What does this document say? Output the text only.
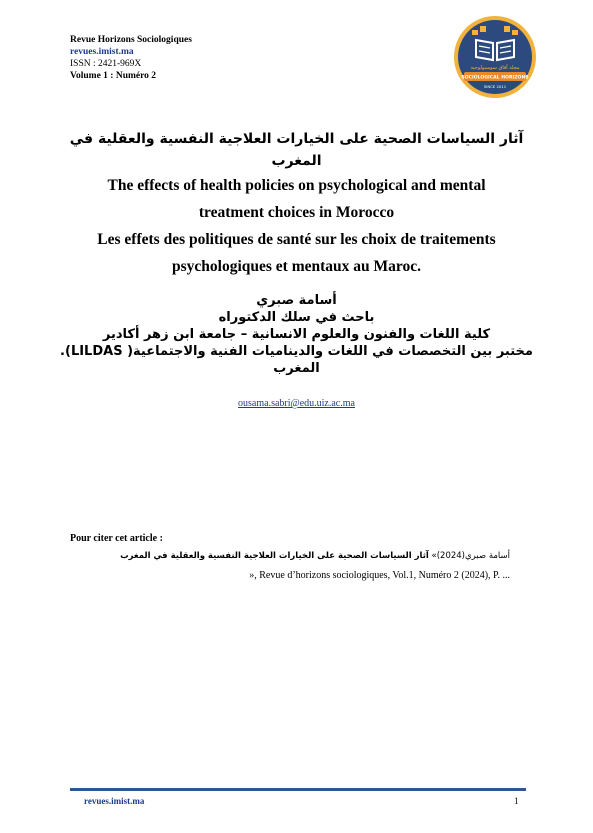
Revue Horizons Sociologiques
revues.imist.ma
ISSN : 2421-969X
Volume 1 : Numéro 2
مجلة آفاق سوسيولوجية
SOCIOLOGICAL HORIZONS
SINCE 2011
آثار السياسات الصحية على الخيارات العلاجية النفسية والعقلية في المغرب
The effects of health policies on psychological and mental
treatment choices in Morocco
Les effets des politiques de santé sur les choix de traitements
psychologiques et mentaux au Maroc.
أسامة صبري
باحث في سلك الدكتوراه
كلية اللغات والفنون والعلوم الانسانية – جامعة ابن زهر أكادير
مختبر بين التخصصات في اللغات والديناميات الفنية والاجتماعية( LILDAS).
المغرب
ousama.sabri@edu.uiz.ac.ma
Pour citer cet article :
أسامة صبري(2024)» آثار السياسات الصحية على الخيارات العلاجية النفسية والعقلية في المغرب
», Revue d’horizons sociologiques, Vol.1, Numéro 2 (2024), P. ...
revues.imist.ma	1
